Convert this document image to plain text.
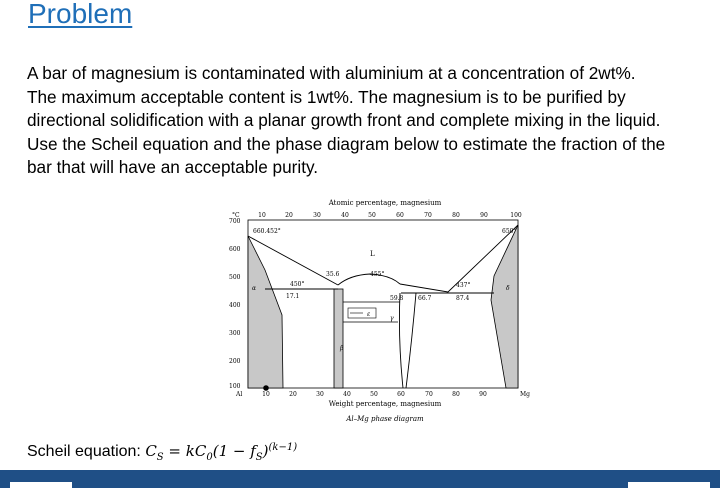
Problem
A bar of magnesium is contaminated with aluminium at a concentration of 2wt%. The maximum acceptable content is 1wt%. The magnesium is to be purified by directional solidification with a planar growth front and complete mixing in the liquid. Use the Scheil equation and the phase diagram below to estimate the fraction of the bar that will have an acceptable purity.
Atomic percentage, magnesium
ε
660.452°	650°
L
450°
17.1
35.6	455°
59.8 66.7
437°
87.4
α	δ
β
γ
°C
700
600
500
400
300
200
100
10	20	30	40	50	60	70	80	90	100
Al	Mg
10	20	30	40	50	60	70	80	90
Weight percentage, magnesium
Al–Mg phase diagram
Scheil equation: $C_S = kC_0(1 - f_S)^{(k-1)}$
